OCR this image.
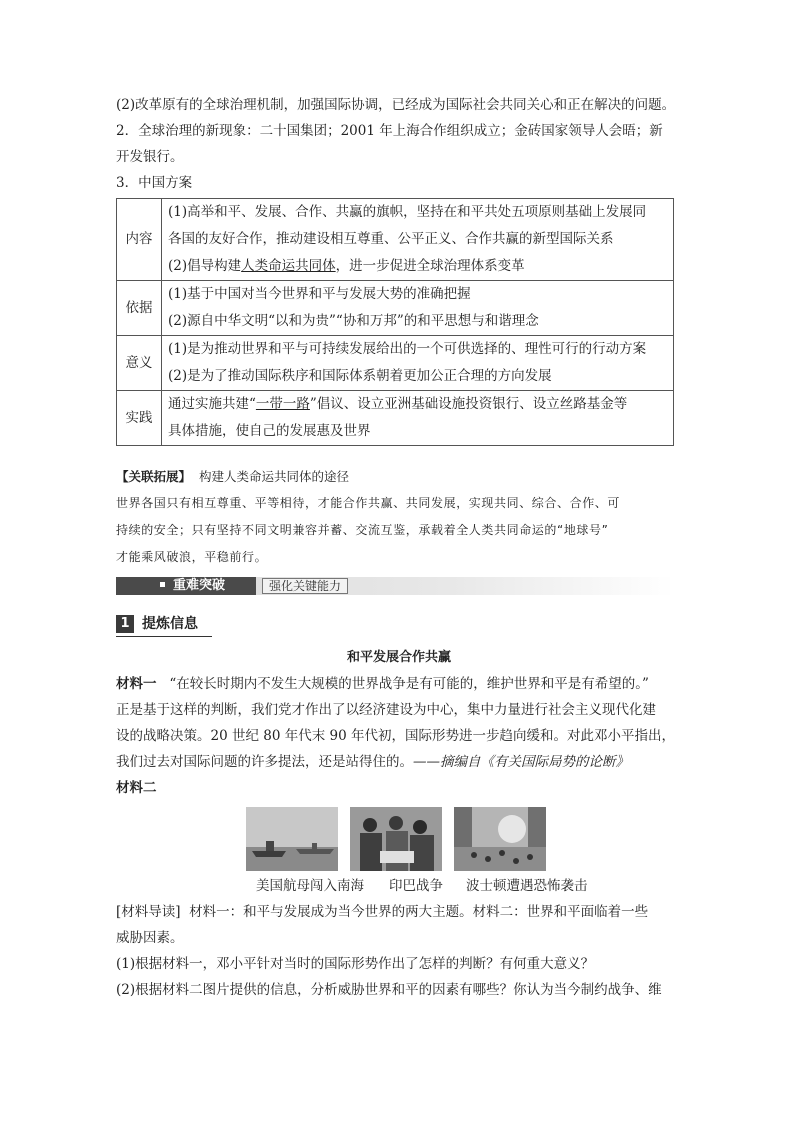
(2)改革原有的全球治理机制，加强国际协调，已经成为国际社会共同关心和正在解决的问题。
2．全球治理的新现象：二十国集团；2001 年上海合作组织成立；金砖国家领导人会晤；新
开发银行。
3．中国方案
内容	(1)高举和平、发展、合作、共赢的旗帜，坚持在和平共处五项原则基础上发展同
各国的友好合作，推动建设相互尊重、公平正义、合作共赢的新型国际关系
(2)倡导构建人类命运共同体，进一步促进全球治理体系变革

依据	(1)基于中国对当今世界和平与发展大势的准确把握
(2)源自中华文明“以和为贵”“协和万邦”的和平思想与和谐理念

意义	(1)是为推动世界和平与可持续发展给出的一个可供选择的、理性可行的行动方案
(2)是为了推动国际秩序和国际体系朝着更加公正合理的方向发展

实践	通过实施共建“一带一路”倡议、设立亚洲基础设施投资银行、设立丝路基金等
具体措施，使自己的发展惠及世界
【关联拓展】 构建人类命运共同体的途径
世界各国只有相互尊重、平等相待，才能合作共赢、共同发展，实现共同、综合、合作、可
持续的安全；只有坚持不同文明兼容并蓄、交流互鉴，承载着全人类共同命运的“地球号”
才能乘风破浪，平稳前行。
重难突破	强化关键能力
1 提炼信息
和平发展合作共赢
材料一 “在较长时期内不发生大规模的世界战争是有可能的，维护世界和平是有希望的。”
正是基于这样的判断，我们党才作出了以经济建设为中心，集中力量进行社会主义现代化建
设的战略决策。20 世纪 80 年代末 90 年代初，国际形势进一步趋向缓和。对此邓小平指出，
我们过去对国际问题的许多提法，还是站得住的。——摘编自《有关国际局势的论断》
材料二
美国航母闯入南海 印巴战争 波士顿遭遇恐怖袭击
[材料导读] 材料一：和平与发展成为当今世界的两大主题。材料二：世界和平面临着一些
威胁因素。
(1)根据材料一，邓小平针对当时的国际形势作出了怎样的判断？有何重大意义？
(2)根据材料二图片提供的信息，分析威胁世界和平的因素有哪些？你认为当今制约战争、维
